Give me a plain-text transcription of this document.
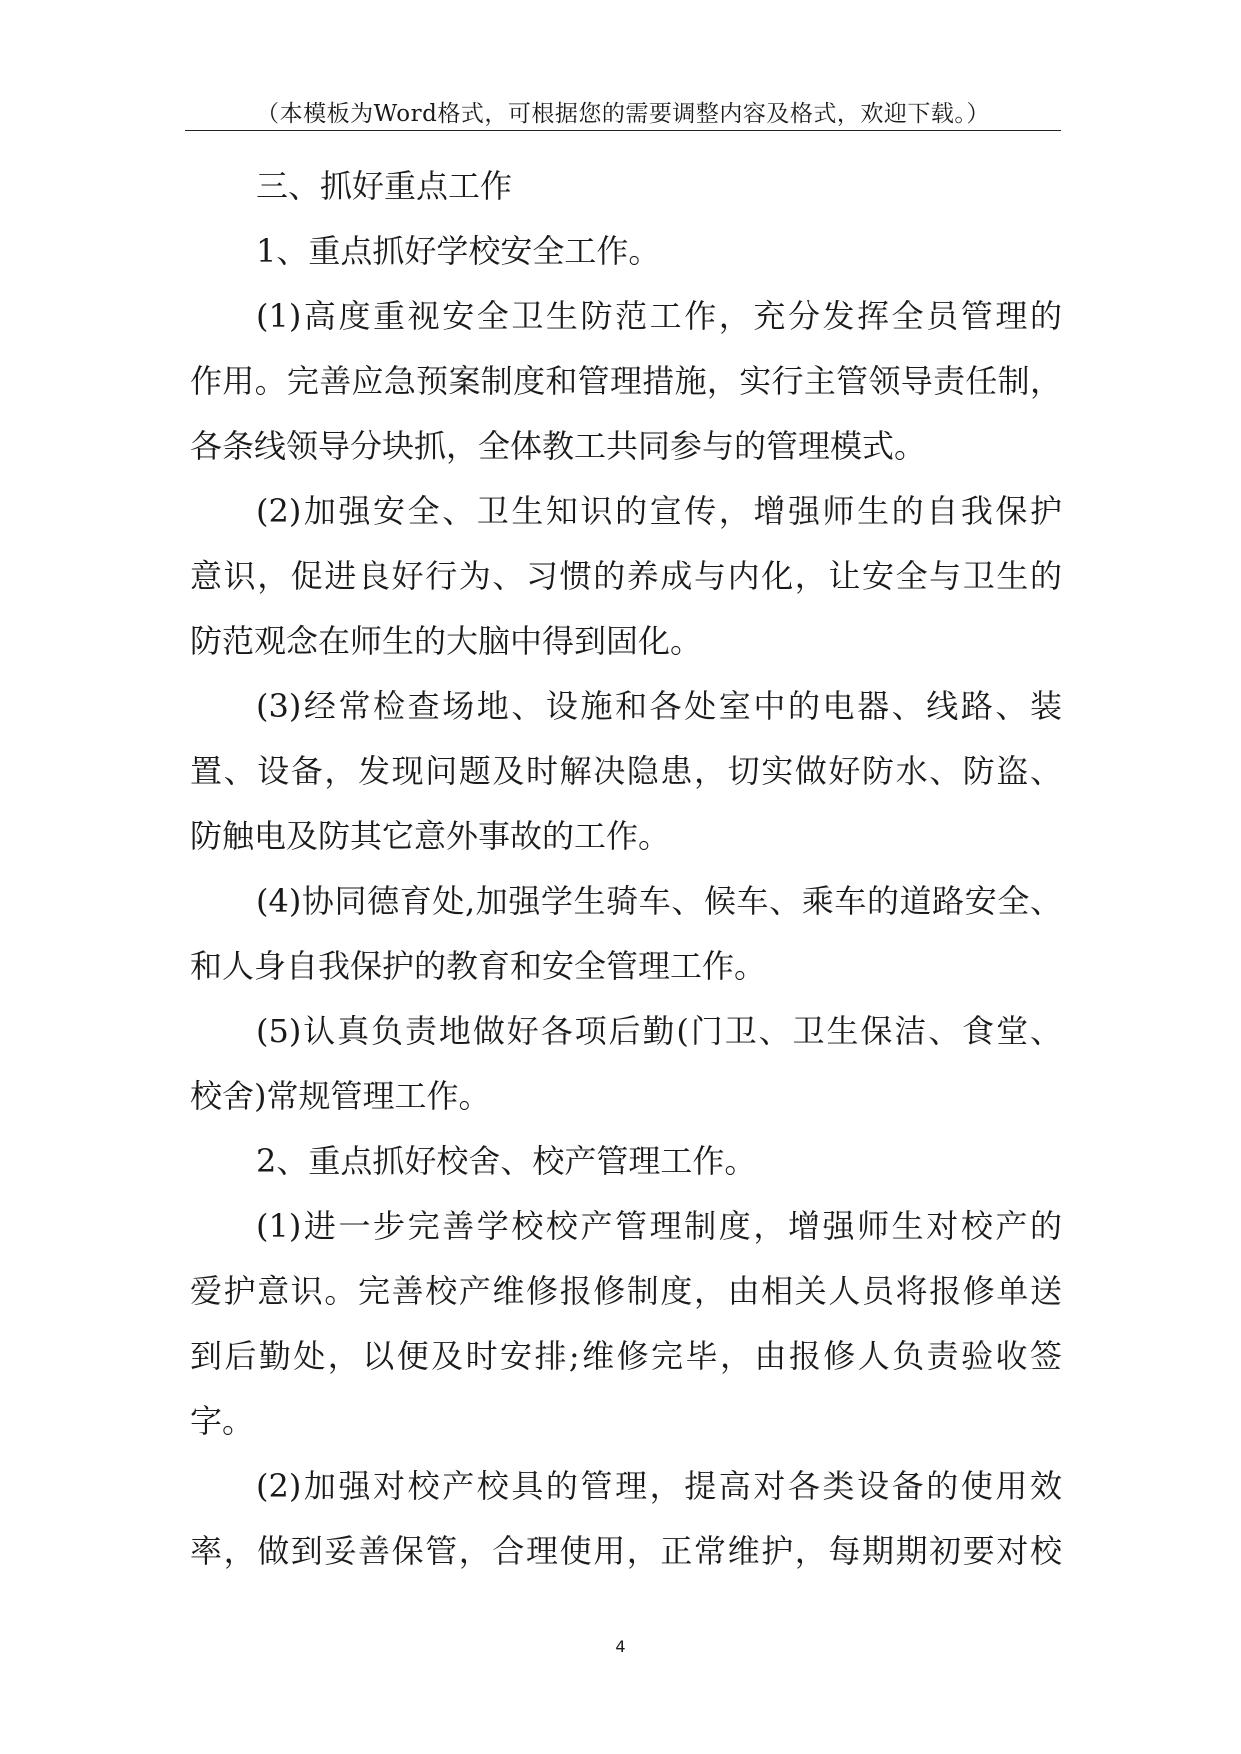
（本模板为Word格式，可根据您的需要调整内容及格式，欢迎下载。）
三、抓好重点工作
1、重点抓好学校安全工作。
(1)高度重视安全卫生防范工作，充分发挥全员管理的
作用。完善应急预案制度和管理措施，实行主管领导责任制，
各条线领导分块抓，全体教工共同参与的管理模式。
(2)加强安全、卫生知识的宣传，增强师生的自我保护
意识，促进良好行为、习惯的养成与内化，让安全与卫生的
防范观念在师生的大脑中得到固化。
(3)经常检查场地、设施和各处室中的电器、线路、装
置、设备，发现问题及时解决隐患，切实做好防水、防盗、
防触电及防其它意外事故的工作。
(4)协同德育处,加强学生骑车、候车、乘车的道路安全、
和人身自我保护的教育和安全管理工作。
(5)认真负责地做好各项后勤(门卫、卫生保洁、食堂、
校舍)常规管理工作。
2、重点抓好校舍、校产管理工作。
(1)进一步完善学校校产管理制度，增强师生对校产的
爱护意识。完善校产维修报修制度，由相关人员将报修单送
到后勤处，以便及时安排;维修完毕，由报修人负责验收签
字。
(2)加强对校产校具的管理，提高对各类设备的使用效
率，做到妥善保管，合理使用，正常维护，每期期初要对校
4
